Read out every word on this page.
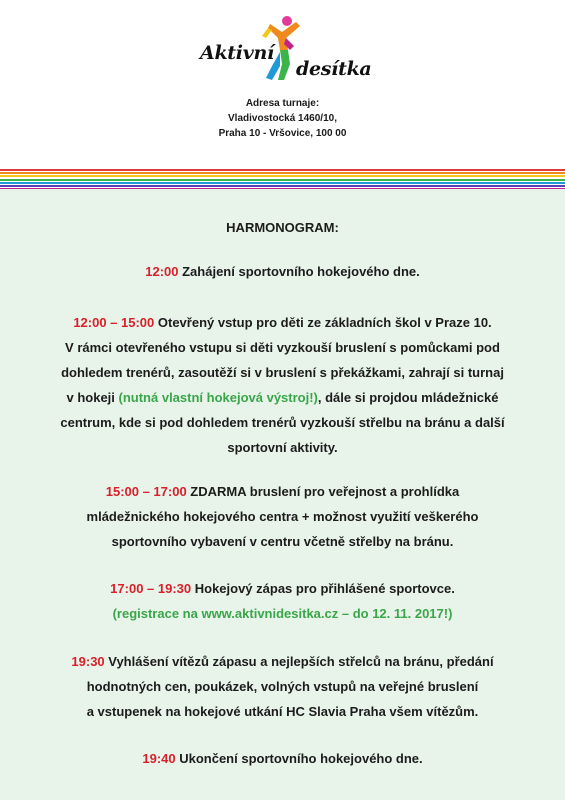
Aktivní
desítka
Adresa turnaje:
Vladivostocká 1460/10,
Praha 10 - Vršovice, 100 00
HARMONOGRAM:
12:00 Zahájení sportovního hokejového dne.
12:00 – 15:00 Otevřený vstup pro děti ze základních škol v Praze 10.
V rámci otevřeného vstupu si děti vyzkouší bruslení s pomůckami pod
dohledem trenérů, zasoutěží si v bruslení s překážkami, zahrají si turnaj
v hokeji (nutná vlastní hokejová výstroj!), dále si projdou mládežnické
centrum, kde si pod dohledem trenérů vyzkouší střelbu na bránu a další
sportovní aktivity.
15:00 – 17:00 ZDARMA bruslení pro veřejnost a prohlídka
mládežnického hokejového centra + možnost využití veškerého
sportovního vybavení v centru včetně střelby na bránu.
17:00 – 19:30 Hokejový zápas pro přihlášené sportovce.
(registrace na www.aktivnidesitka.cz – do 12. 11. 2017!)
19:30 Vyhlášení vítězů zápasu a nejlepších střelců na bránu, předání
hodnotných cen, poukázek, volných vstupů na veřejné bruslení
a vstupenek na hokejové utkání HC Slavia Praha všem vítězům.
19:40 Ukončení sportovního hokejového dne.
